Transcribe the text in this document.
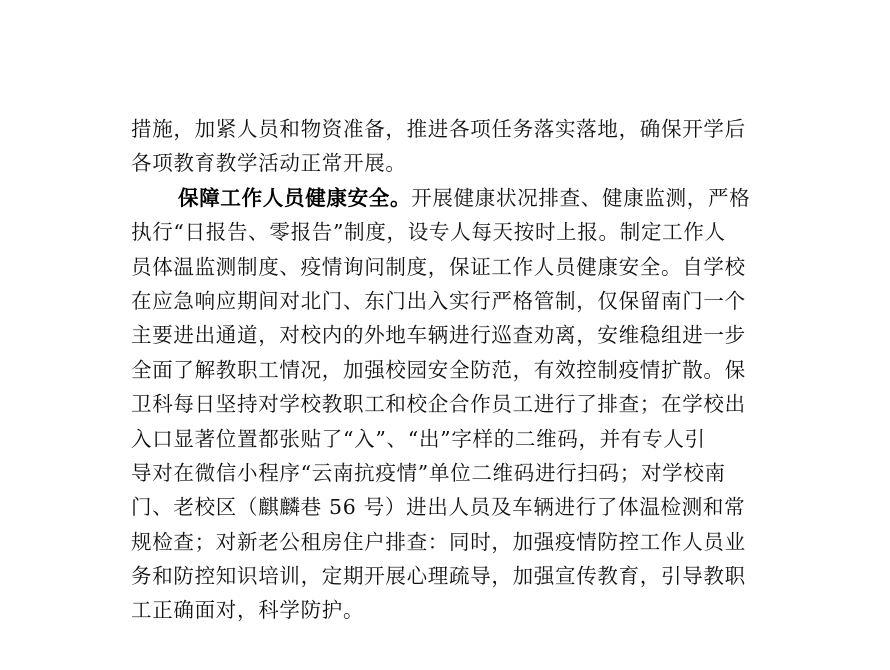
措施，加紧人员和物资准备，推进各项任务落实落地，确保开学后
各项教育教学活动正常开展。
保障工作人员健康安全。开展健康状况排查、健康监测，严格
执行“日报告、零报告”制度，设专人每天按时上报。制定工作人
员体温监测制度、疫情询问制度，保证工作人员健康安全。自学校
在应急响应期间对北门、东门出入实行严格管制，仅保留南门一个
主要进出通道，对校内的外地车辆进行巡查劝离，安维稳组进一步
全面了解教职工情况，加强校园安全防范，有效控制疫情扩散。保
卫科每日坚持对学校教职工和校企合作员工进行了排查；在学校出
入口显著位置都张贴了“入”、“出”字样的二维码，并有专人引
导对在微信小程序“云南抗疫情”单位二维码进行扫码；对学校南
门、老校区（麒麟巷 56 号）进出人员及车辆进行了体温检测和常
规检查；对新老公租房住户排查：同时，加强疫情防控工作人员业
务和防控知识培训，定期开展心理疏导，加强宣传教育，引导教职
工正确面对，科学防护。
